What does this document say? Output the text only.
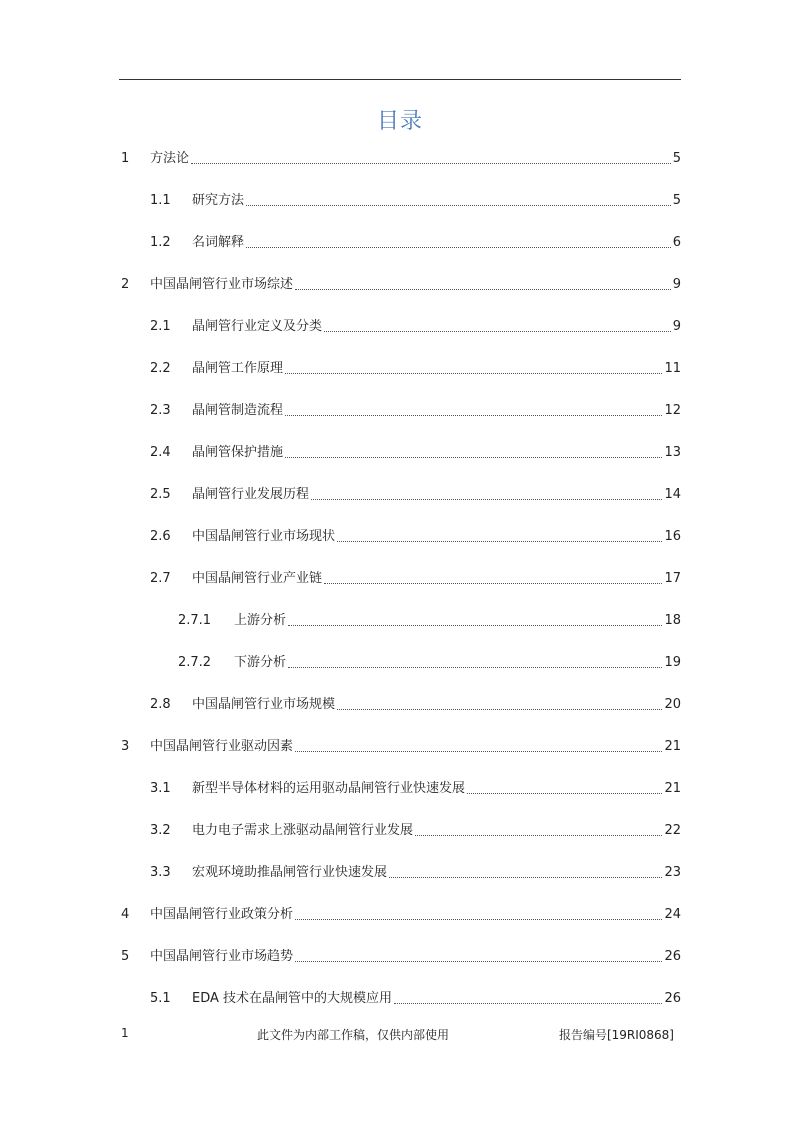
目录
1	方法论	5
1.1	研究方法	5
1.2	名词解释	6
2	中国晶闸管行业市场综述	9
2.1	晶闸管行业定义及分类	9
2.2	晶闸管工作原理	11
2.3	晶闸管制造流程	12
2.4	晶闸管保护措施	13
2.5	晶闸管行业发展历程	14
2.6	中国晶闸管行业市场现状	16
2.7	中国晶闸管行业产业链	17
2.7.1	上游分析	18
2.7.2	下游分析	19
2.8	中国晶闸管行业市场规模	20
3	中国晶闸管行业驱动因素	21
3.1	新型半导体材料的运用驱动晶闸管行业快速发展	21
3.2	电力电子需求上涨驱动晶闸管行业发展	22
3.3	宏观环境助推晶闸管行业快速发展	23
4	中国晶闸管行业政策分析	24
5	中国晶闸管行业市场趋势	26
5.1	EDA 技术在晶闸管中的大规模应用	26
1	此文件为内部工作稿，仅供内部使用	报告编号[19RI0868]
